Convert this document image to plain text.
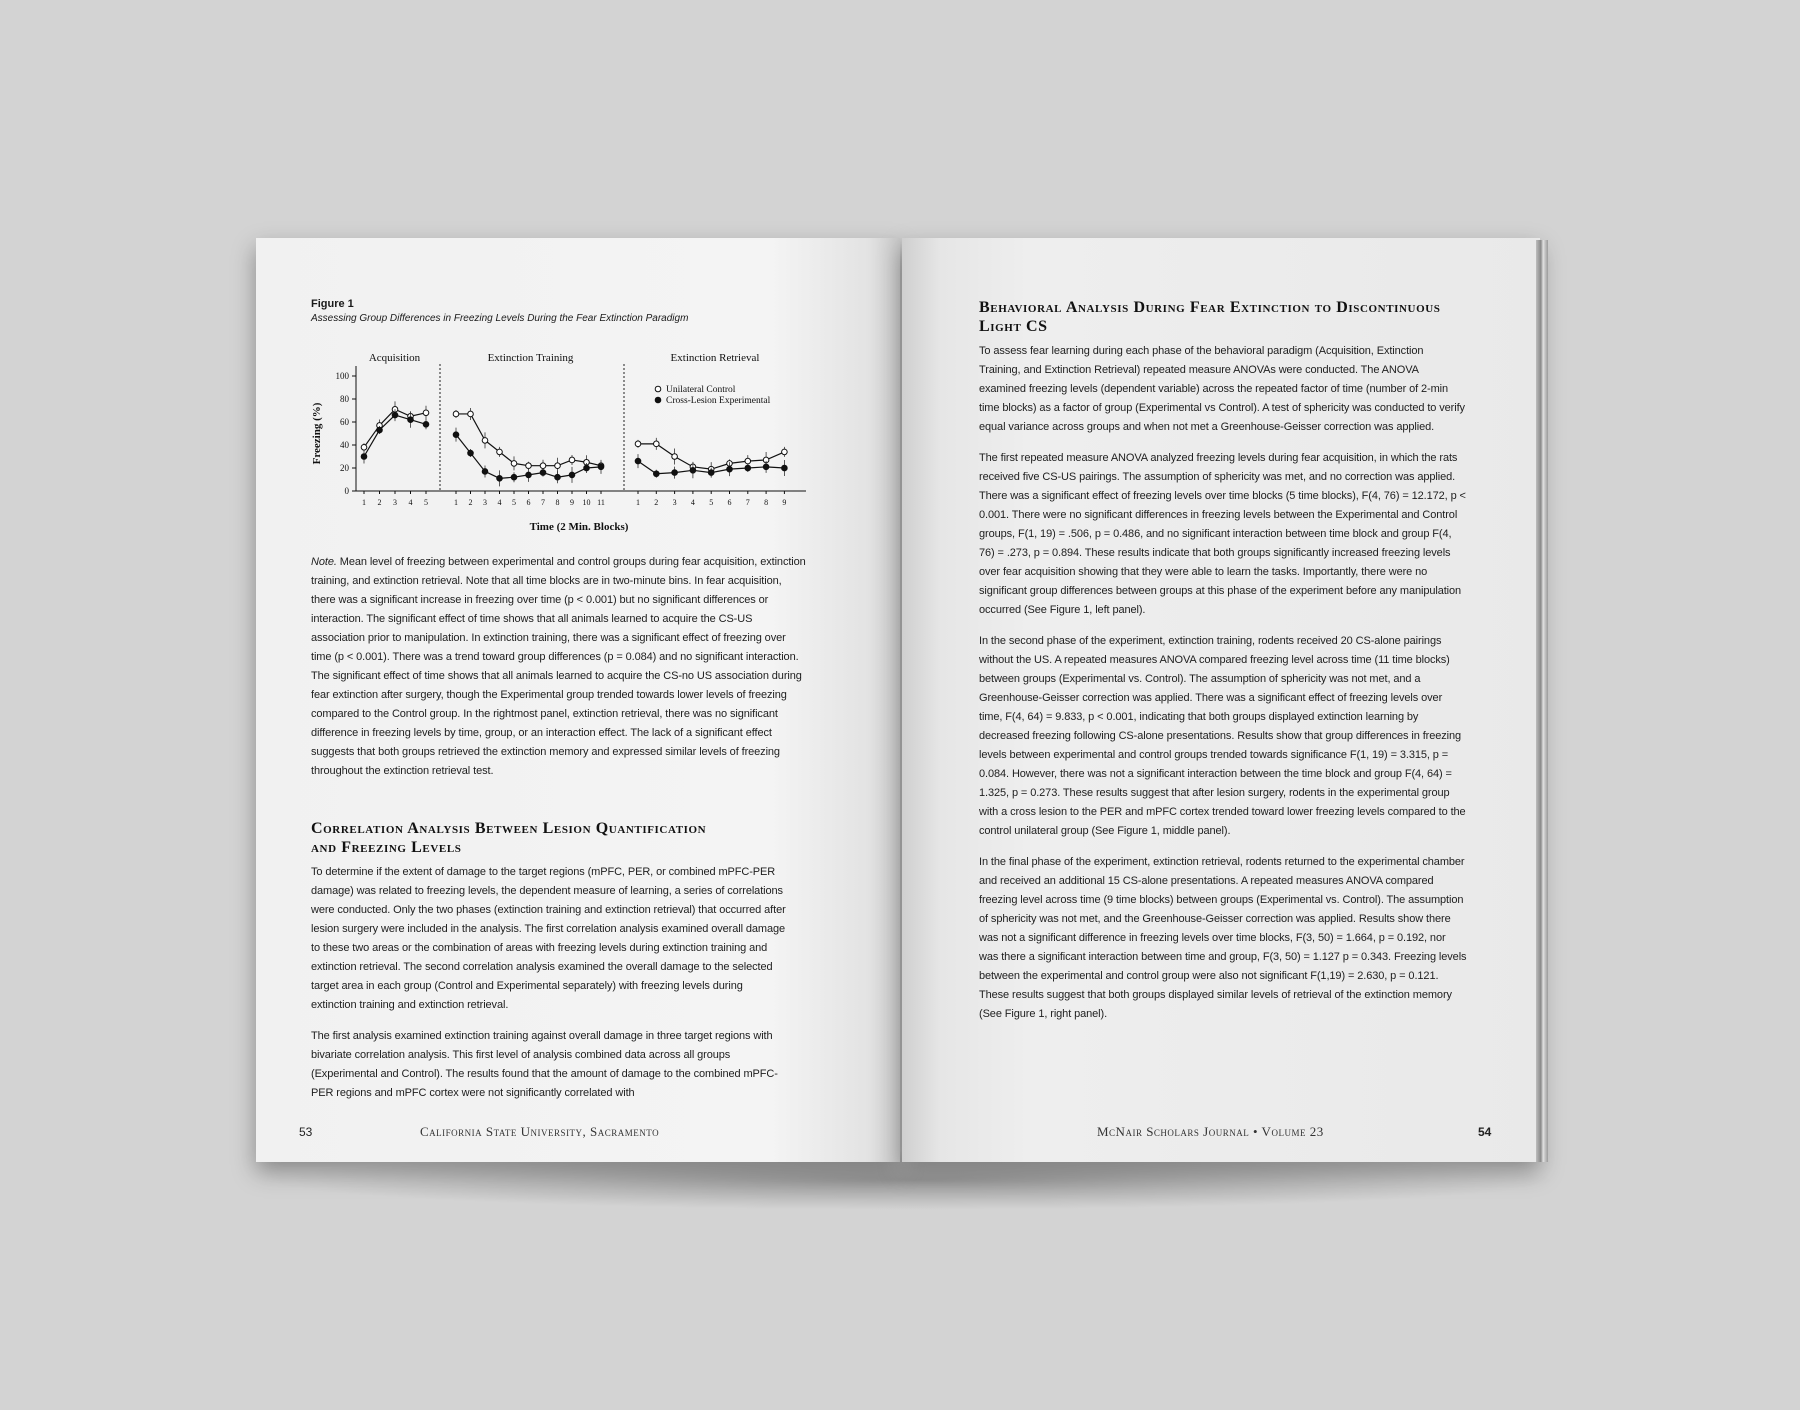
Figure 1
Assessing Group Differences in Freezing Levels During the Fear Extinction Paradigm
0
20
40
60
80
100
Freezing (%)
Time (2 Min. Blocks)
Acquisition
1 2 3 4 5
Extinction Training
1 2 3 4 5 6 7 8 9 10 11
Extinction Retrieval
1 2 3 4 5 6 7 8 9
Unilateral Control
Cross-Lesion Experimental
Note. Mean level of freezing between experimental and control groups during fear acquisition, extinction training, and extinction retrieval. Note that all time blocks are in two-minute bins. In fear acquisition, there was a significant increase in freezing over time (p < 0.001) but no significant differences or interaction. The significant effect of time shows that all animals learned to acquire the CS-US association prior to manipulation. In extinction training, there was a significant effect of freezing over time (p < 0.001). There was a trend toward group differences (p = 0.084) and no significant interaction. The significant effect of time shows that all animals learned to acquire the CS-no US association during fear extinction after surgery, though the Experimental group trended towards lower levels of freezing compared to the Control group. In the rightmost panel, extinction retrieval, there was no significant difference in freezing levels by time, group, or an interaction effect. The lack of a significant effect suggests that both groups retrieved the extinction memory and expressed similar levels of freezing throughout the extinction retrieval test.
Correlation Analysis Between Lesion Quantification and Freezing Levels

To determine if the extent of damage to the target regions (mPFC, PER, or combined mPFC-PER damage) was related to freezing levels, the dependent measure of learning, a series of correlations were conducted. Only the two phases (extinction training and extinction retrieval) that occurred after lesion surgery were included in the analysis. The first correlation analysis examined overall damage to these two areas or the combination of areas with freezing levels during extinction training and extinction retrieval. The second correlation analysis examined the overall damage to the selected target area in each group (Control and Experimental separately) with freezing levels during extinction training and extinction retrieval.

The first analysis examined extinction training against overall damage in three target regions with bivariate correlation analysis. This first level of analysis combined data across all groups (Experimental and Control). The results found that the amount of damage to the combined mPFC-PER regions and mPFC cortex were not significantly correlated with

53	California State University, Sacramento
Behavioral Analysis During Fear Extinction to Discontinuous Light CS

To assess fear learning during each phase of the behavioral paradigm (Acquisition, Extinction Training, and Extinction Retrieval) repeated measure ANOVAs were conducted. The ANOVA examined freezing levels (dependent variable) across the repeated factor of time (number of 2-min time blocks) as a factor of group (Experimental vs Control). A test of sphericity was conducted to verify equal variance across groups and when not met a Greenhouse-Geisser correction was applied.

The first repeated measure ANOVA analyzed freezing levels during fear acquisition, in which the rats received five CS-US pairings. The assumption of sphericity was met, and no correction was applied. There was a significant effect of freezing levels over time blocks (5 time blocks), F(4, 76) = 12.172, p < 0.001. There were no significant differences in freezing levels between the Experimental and Control groups, F(1, 19) = .506, p = 0.486, and no significant interaction between time block and group F(4, 76) = .273, p = 0.894. These results indicate that both groups significantly increased freezing levels over fear acquisition showing that they were able to learn the tasks. Importantly, there were no significant group differences between groups at this phase of the experiment before any manipulation occurred (See Figure 1, left panel).

In the second phase of the experiment, extinction training, rodents received 20 CS-alone pairings without the US. A repeated measures ANOVA compared freezing level across time (11 time blocks) between groups (Experimental vs. Control). The assumption of sphericity was not met, and a Greenhouse-Geisser correction was applied. There was a significant effect of freezing levels over time, F(4, 64) = 9.833, p < 0.001, indicating that both groups displayed extinction learning by decreased freezing following CS-alone presentations. Results show that group differences in freezing levels between experimental and control groups trended towards significance F(1, 19) = 3.315, p = 0.084. However, there was not a significant interaction between the time block and group F(4, 64) = 1.325, p = 0.273. These results suggest that after lesion surgery, rodents in the experimental group with a cross lesion to the PER and mPFC cortex trended toward lower freezing levels compared to the control unilateral group (See Figure 1, middle panel).

In the final phase of the experiment, extinction retrieval, rodents returned to the experimental chamber and received an additional 15 CS-alone presentations. A repeated measures ANOVA compared freezing level across time (9 time blocks) between groups (Experimental vs. Control). The assumption of sphericity was not met, and the Greenhouse-Geisser correction was applied. Results show there was not a significant difference in freezing levels over time blocks, F(3, 50) = 1.664, p = 0.192, nor was there a significant interaction between time and group, F(3, 50) = 1.127 p = 0.343. Freezing levels between the experimental and control group were also not significant F(1,19) = 2.630, p = 0.121. These results suggest that both groups displayed similar levels of retrieval of the extinction memory (See Figure 1, right panel).

McNair Scholars Journal • Volume 23	54
